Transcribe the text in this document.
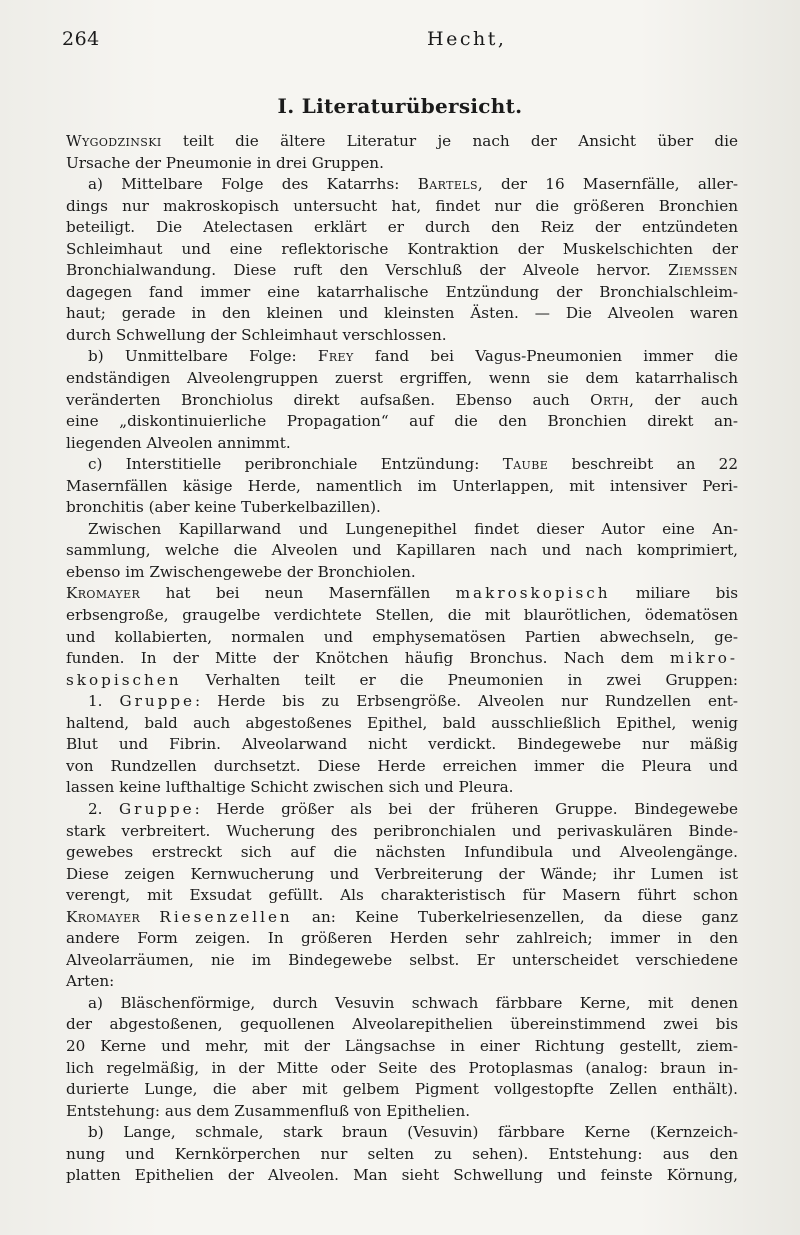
264	Hecht,
I. Literaturübersicht.
Wygodzinski teilt die ältere Literatur je nach der Ansicht über die
Ursache der Pneumonie in drei Gruppen.
a) Mittelbare Folge des Katarrhs: Bartels, der 16 Masernfälle, aller-
dings nur makroskopisch untersucht hat, findet nur die größeren Bronchien
beteiligt. Die Atelectasen erklärt er durch den Reiz der entzündeten
Schleimhaut und eine reflektorische Kontraktion der Muskelschichten der
Bronchialwandung. Diese ruft den Verschluß der Alveole hervor. Ziemssen
dagegen fand immer eine katarrhalische Entzündung der Bronchialschleim-
haut; gerade in den kleinen und kleinsten Ästen. — Die Alveolen waren
durch Schwellung der Schleimhaut verschlossen.
b) Unmittelbare Folge: Frey fand bei Vagus-Pneumonien immer die
endständigen Alveolengruppen zuerst ergriffen, wenn sie dem katarrhalisch
veränderten Bronchiolus direkt aufsaßen. Ebenso auch Orth, der auch
eine „diskontinuierliche Propagation“ auf die den Bronchien direkt an-
liegenden Alveolen annimmt.
c) Interstitielle peribronchiale Entzündung: Taube beschreibt an 22
Masernfällen käsige Herde, namentlich im Unterlappen, mit intensiver Peri-
bronchitis (aber keine Tuberkelbazillen).
Zwischen Kapillarwand und Lungenepithel findet dieser Autor eine An-
sammlung, welche die Alveolen und Kapillaren nach und nach komprimiert,
ebenso im Zwischengewebe der Bronchiolen.
Kromayer hat bei neun Masernfällen makroskopisch miliare bis
erbsengroße, graugelbe verdichtete Stellen, die mit blaurötlichen, ödematösen
und kollabierten, normalen und emphysematösen Partien abwechseln, ge-
funden. In der Mitte der Knötchen häufig Bronchus. Nach dem mikro-
skopischen Verhalten teilt er die Pneumonien in zwei Gruppen:
1. Gruppe: Herde bis zu Erbsengröße. Alveolen nur Rundzellen ent-
haltend, bald auch abgestoßenes Epithel, bald ausschließlich Epithel, wenig
Blut und Fibrin. Alveolarwand nicht verdickt. Bindegewebe nur mäßig
von Rundzellen durchsetzt. Diese Herde erreichen immer die Pleura und
lassen keine lufthaltige Schicht zwischen sich und Pleura.
2. Gruppe: Herde größer als bei der früheren Gruppe. Bindegewebe
stark verbreitert. Wucherung des peribronchialen und perivaskulären Binde-
gewebes erstreckt sich auf die nächsten Infundibula und Alveolengänge.
Diese zeigen Kernwucherung und Verbreiterung der Wände; ihr Lumen ist
verengt, mit Exsudat gefüllt. Als charakteristisch für Masern führt schon
Kromayer Riesenzellen an: Keine Tuberkelriesenzellen, da diese ganz
andere Form zeigen. In größeren Herden sehr zahlreich; immer in den
Alveolarräumen, nie im Bindegewebe selbst. Er unterscheidet verschiedene
Arten:
a) Bläschenförmige, durch Vesuvin schwach färbbare Kerne, mit denen
der abgestoßenen, gequollenen Alveolarepithelien übereinstimmend zwei bis
20 Kerne und mehr, mit der Längsachse in einer Richtung gestellt, ziem-
lich regelmäßig, in der Mitte oder Seite des Protoplasmas (analog: braun in-
durierte Lunge, die aber mit gelbem Pigment vollgestopfte Zellen enthält).
Entstehung: aus dem Zusammenfluß von Epithelien.
b) Lange, schmale, stark braun (Vesuvin) färbbare Kerne (Kernzeich-
nung und Kernkörperchen nur selten zu sehen). Entstehung: aus den
platten Epithelien der Alveolen. Man sieht Schwellung und feinste Körnung,
